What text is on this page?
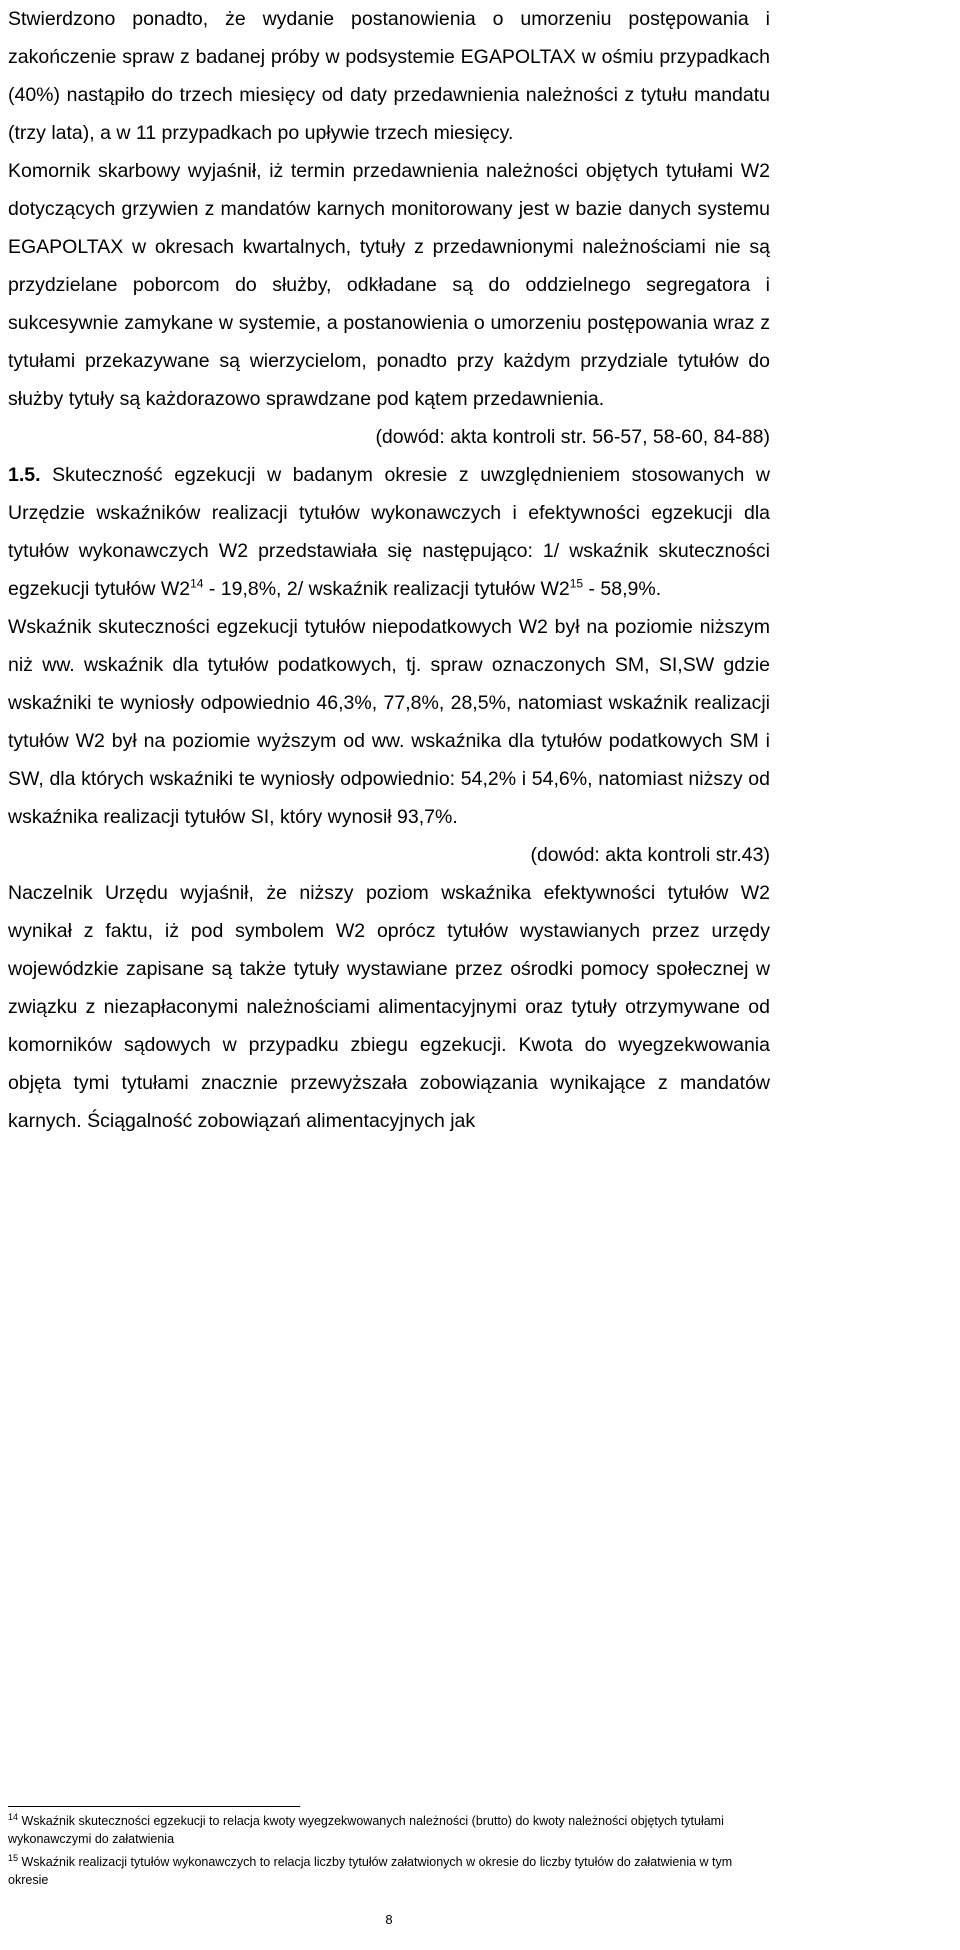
Stwierdzono ponadto, że wydanie postanowienia o umorzeniu postępowania i zakończenie spraw z badanej próby w podsystemie EGAPOLTAX w ośmiu przypadkach (40%) nastąpiło do trzech miesięcy od daty przedawnienia należności z tytułu mandatu (trzy lata), a w 11 przypadkach po upływie trzech miesięcy.

Komornik skarbowy wyjaśnił, iż termin przedawnienia należności objętych tytułami W2 dotyczących grzywien z mandatów karnych monitorowany jest w bazie danych systemu EGAPOLTAX w okresach kwartalnych, tytuły z przedawnionymi należnościami nie są przydzielane poborcom do służby, odkładane są do oddzielnego segregatora i sukcesywnie zamykane w systemie, a postanowienia o umorzeniu postępowania wraz z tytułami przekazywane są wierzycielom, ponadto przy każdym przydziale tytułów do służby tytuły są każdorazowo sprawdzane pod kątem przedawnienia.

(dowód: akta kontroli str. 56-57, 58-60, 84-88)

1.5. Skuteczność egzekucji w badanym okresie z uwzględnieniem stosowanych w Urzędzie wskaźników realizacji tytułów wykonawczych i efektywności egzekucji dla tytułów wykonawczych W2 przedstawiała się następująco: 1/ wskaźnik skuteczności egzekucji tytułów $W2^{14} - 19,8\%$, 2/ wskaźnik realizacji tytułów $W2^{15} - 58,9\%$.

Wskaźnik skuteczności egzekucji tytułów niepodatkowych W2 był na poziomie niższym niż ww. wskaźnik dla tytułów podatkowych, tj. spraw oznaczonych SM, SI,SW gdzie wskaźniki te wyniosły odpowiednio 46,3%, 77,8%, 28,5%, natomiast wskaźnik realizacji tytułów W2 był na poziomie wyższym od ww. wskaźnika dla tytułów podatkowych SM i SW, dla których wskaźniki te wyniosły odpowiednio: 54,2% i 54,6%, natomiast niższy od wskaźnika realizacji tytułów SI, który wynosił 93,7%.

(dowód: akta kontroli str.43)

Naczelnik Urzędu wyjaśnił, że niższy poziom wskaźnika efektywności tytułów W2 wynikał z faktu, iż pod symbolem W2 oprócz tytułów wystawianych przez urzędy wojewódzkie zapisane są także tytuły wystawiane przez ośrodki pomocy społecznej w związku z niezapłaconymi należnościami alimentacyjnymi oraz tytuły otrzymywane od komorników sądowych w przypadku zbiegu egzekucji. Kwota do wyegzekwowania objęta tymi tytułami znacznie przewyższała zobowiązania wynikające z mandatów karnych. Ściągalność zobowiązań alimentacyjnych jak

$^{14}$ Wskaźnik skuteczności egzekucji to relacja kwoty wyegzekwowanych należności (brutto) do kwoty należności objętych tytułami wykonawczymi do załatwienia

$^{15}$ Wskaźnik realizacji tytułów wykonawczych to relacja liczby tytułów załatwionych w okresie do liczby tytułów do załatwienia w tym okresie

8
